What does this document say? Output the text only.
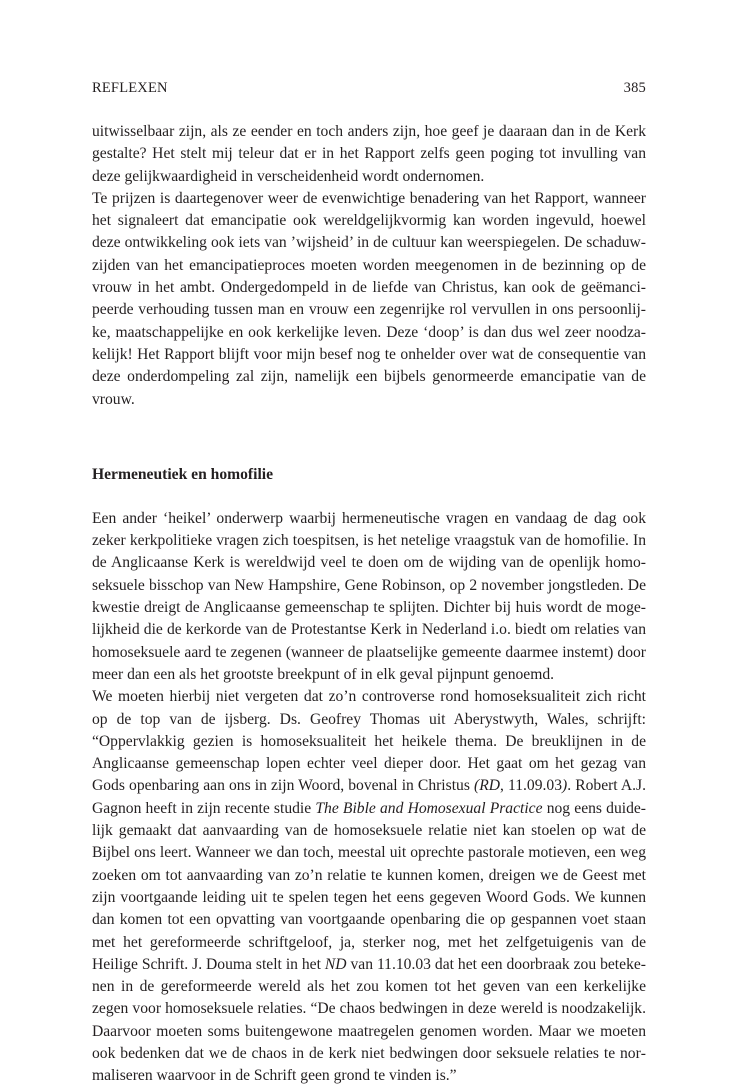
REFLEXEN	385

uitwisselbaar zijn, als ze eender en toch anders zijn, hoe geef je daaraan dan in de Kerk gestalte? Het stelt mij teleur dat er in het Rapport zelfs geen poging tot invulling van deze gelijkwaardigheid in verscheidenheid wordt ondernomen.

Te prijzen is daartegenover weer de evenwichtige benadering van het Rapport, wanneer het signaleert dat emancipatie ook wereldgelijkvormig kan worden ingevuld, hoewel deze ontwikkeling ook iets van ’wijsheid’ in de cultuur kan weerspiegelen. De schaduwzijden van het emancipatieproces moeten worden meegenomen in de bezinning op de vrouw in het ambt. Ondergedompeld in de liefde van Christus, kan ook de geëmancipeerde verhouding tussen man en vrouw een zegenrijke rol vervullen in ons persoonlijke, maatschappelijke en ook kerkelijke leven. Deze ‘doop’ is dan dus wel zeer noodzakelijk! Het Rapport blijft voor mijn besef nog te onhelder over wat de consequentie van deze onderdompeling zal zijn, namelijk een bijbels genormeerde emancipatie van de vrouw.

Hermeneutiek en homofilie

Een ander ‘heikel’ onderwerp waarbij hermeneutische vragen en vandaag de dag ook zeker kerkpolitieke vragen zich toespitsen, is het netelige vraagstuk van de homofilie. In de Anglicaanse Kerk is wereldwijd veel te doen om de wijding van de openlijk homoseksuele bisschop van New Hampshire, Gene Robinson, op 2 november jongstleden. De kwestie dreigt de Anglicaanse gemeenschap te splijten. Dichter bij huis wordt de mogelijkheid die de kerkorde van de Protestantse Kerk in Nederland i.o. biedt om relaties van homoseksuele aard te zegenen (wanneer de plaatselijke gemeente daarmee instemt) door meer dan een als het grootste breekpunt of in elk geval pijnpunt genoemd.

We moeten hierbij niet vergeten dat zo’n controverse rond homoseksualiteit zich richt op de top van de ijsberg. Ds. Geofrey Thomas uit Aberystwyth, Wales, schrijft: “Oppervlakkig gezien is homoseksualiteit het heikele thema. De breuklijnen in de Anglicaanse gemeenschap lopen echter veel dieper door. Het gaat om het gezag van Gods openbaring aan ons in zijn Woord, bovenal in Christus (RD, 11.09.03). Robert A.J. Gagnon heeft in zijn recente studie The Bible and Homosexual Practice nog eens duidelijk gemaakt dat aanvaarding van de homoseksuele relatie niet kan stoelen op wat de Bijbel ons leert. Wanneer we dan toch, meestal uit oprechte pastorale motieven, een weg zoeken om tot aanvaarding van zo’n relatie te kunnen komen, dreigen we de Geest met zijn voortgaande leiding uit te spelen tegen het eens gegeven Woord Gods. We kunnen dan komen tot een opvatting van voortgaande openbaring die op gespannen voet staan met het gereformeerde schriftgeloof, ja, sterker nog, met het zelfgetuigenis van de Heilige Schrift. J. Douma stelt in het ND van 11.10.03 dat het een doorbraak zou betekenen in de gereformeerde wereld als het zou komen tot het geven van een kerkelijke zegen voor homoseksuele relaties. “De chaos bedwingen in deze wereld is noodzakelijk. Daarvoor moeten soms buitengewone maatregelen genomen worden. Maar we moeten ook bedenken dat we de chaos in de kerk niet bedwingen door seksuele relaties te normaliseren waarvoor in de Schrift geen grond te vinden is.”
